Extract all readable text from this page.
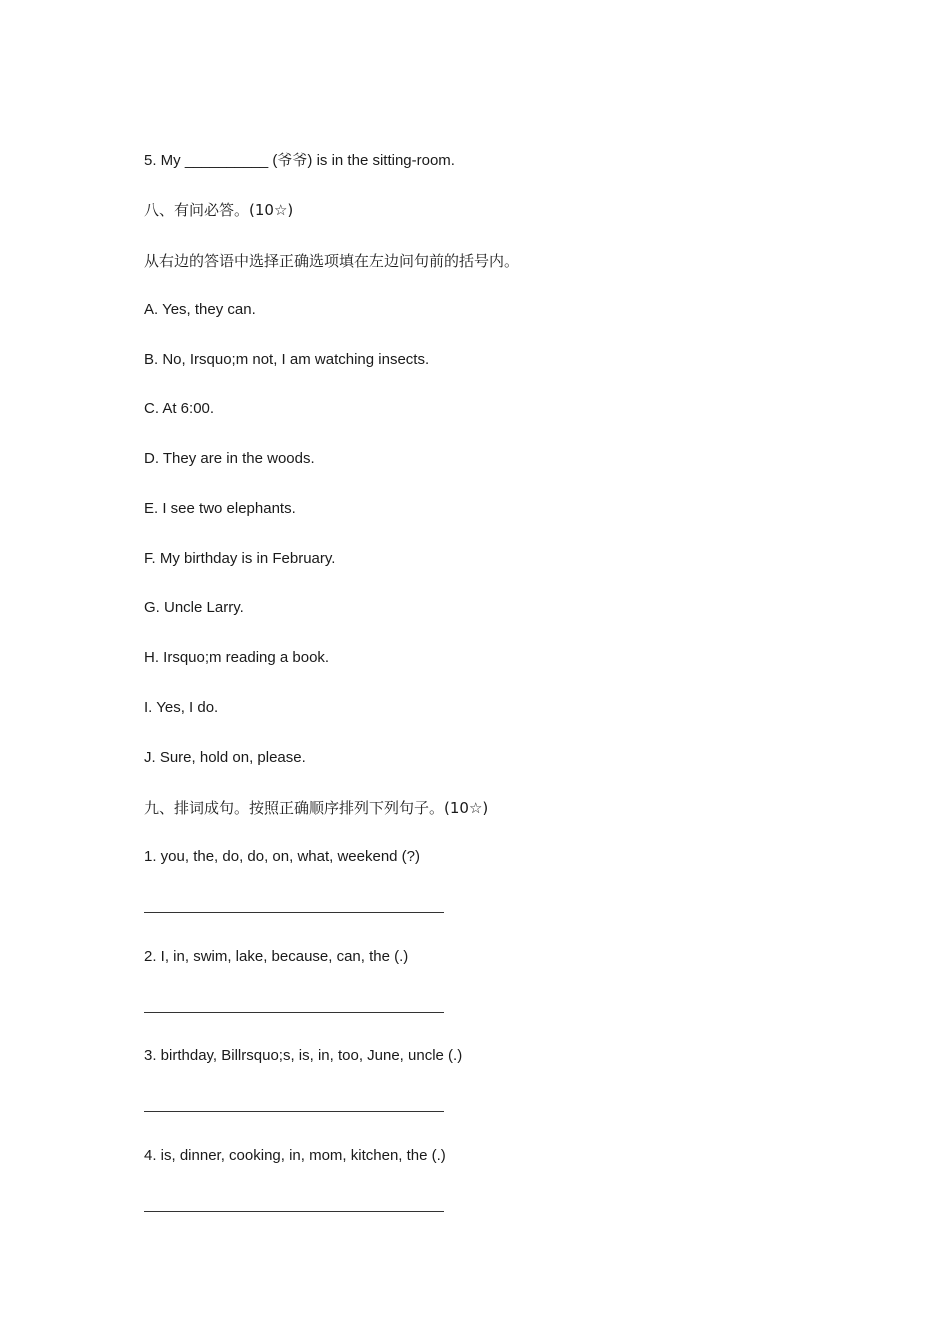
5. My __________ (爷爷) is in the sitting-room.
八、有问必答。(10☆)
从右边的答语中选择正确选项填在左边问句前的括号内。
A. Yes, they can.
B. No, Irsquo;m not, I am watching insects.
C. At 6:00.
D. They are in the woods.
E. I see two elephants.
F. My birthday is in February.
G. Uncle Larry.
H. Irsquo;m reading a book.
I. Yes, I do.
J. Sure, hold on, please.
九、排词成句。按照正确顺序排列下列句子。(10☆)
1. you, the, do, do, on, what, weekend (?)
2. I, in, swim, lake, because, can, the (.)
3. birthday, Billrsquo;s, is, in, too, June, uncle (.)
4. is, dinner, cooking, in, mom, kitchen, the (.)
